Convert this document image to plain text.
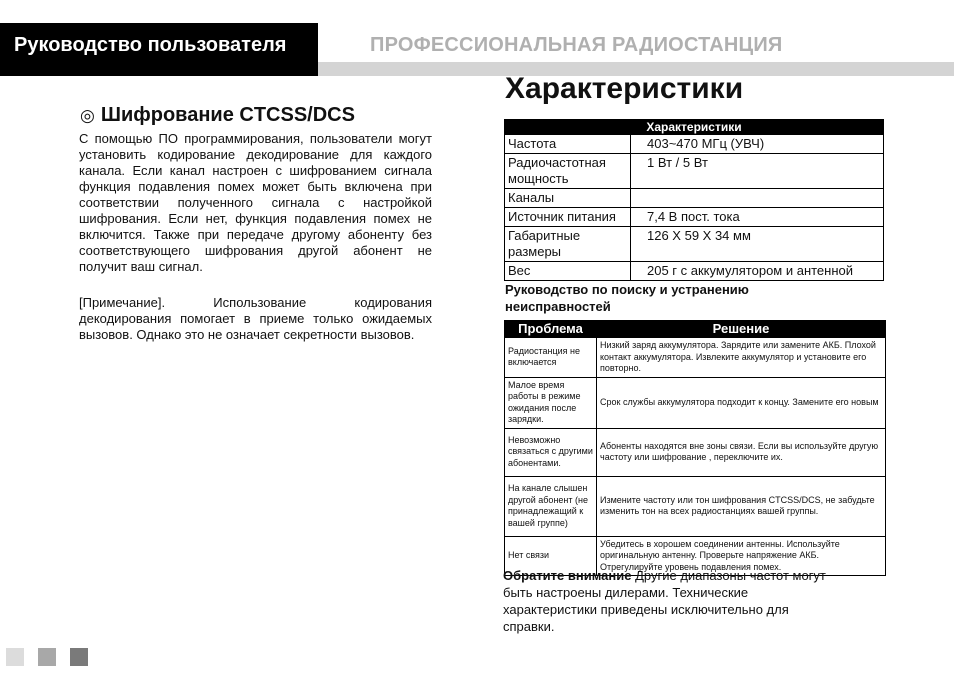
Руководство пользователя	ПРОФЕССИОНАЛЬНАЯ РАДИОСТАНЦИЯ
◎ Шифрование CTCSS/DCS
С помощью ПО программирования, пользователи могут установить кодирование декодирование для каждого канала. Если канал настроен с шифрованием сигнала функция подавления помех может быть включена при соответствии полученного сигнала с настройкой шифрования. Если нет, функция подавления помех не включится. Также при передаче другому абоненту без соответствующего шифрования другой абонент не получит ваш сигнал.
[Примечание]. Использование кодирования декодирования помогает в приеме только ожидаемых вызовов. Однако это не означает секретности вызовов.
Характеристики
Характеристики	
Частота	403~470 МГц (УВЧ)
Радиочастотная мощность	1 Вт / 5 Вт
Каналы	
Источник питания	7,4 В пост. тока
Габаритные размеры	126 X 59 X 34 мм
Вес	205 г с аккумулятором и антенной
Руководство по поиску и устранению неисправностей
Проблема	Решение
Радиостанция не включается	Низкий заряд аккумулятора. Зарядите или замените АКБ. Плохой контакт аккумулятора. Извлеките аккумулятор и установите его повторно.
Малое время работы в режиме ожидания после зарядки.	Срок службы аккумулятора подходит к концу. Замените его новым
Невозможно связаться с другими абонентами.	Абоненты находятся вне зоны связи. Если вы используйте другую частоту или шифрование , переключите их.
На канале слышен другой абонент (не принадлежащий к вашей группе)	Измените частоту или тон шифрования CTCSS/DCS, не забудьте изменить тон на всех радиостанциях вашей группы.
Нет связи	Убедитесь в хорошем соединении антенны. Используйте оригинальную антенну. Проверьте напряжение АКБ. Отрегулируйте уровень подавления помех.
Обратите внимание Другие диапазоны частот могут быть настроены дилерами. Технические характеристики приведены исключительно для справки.
